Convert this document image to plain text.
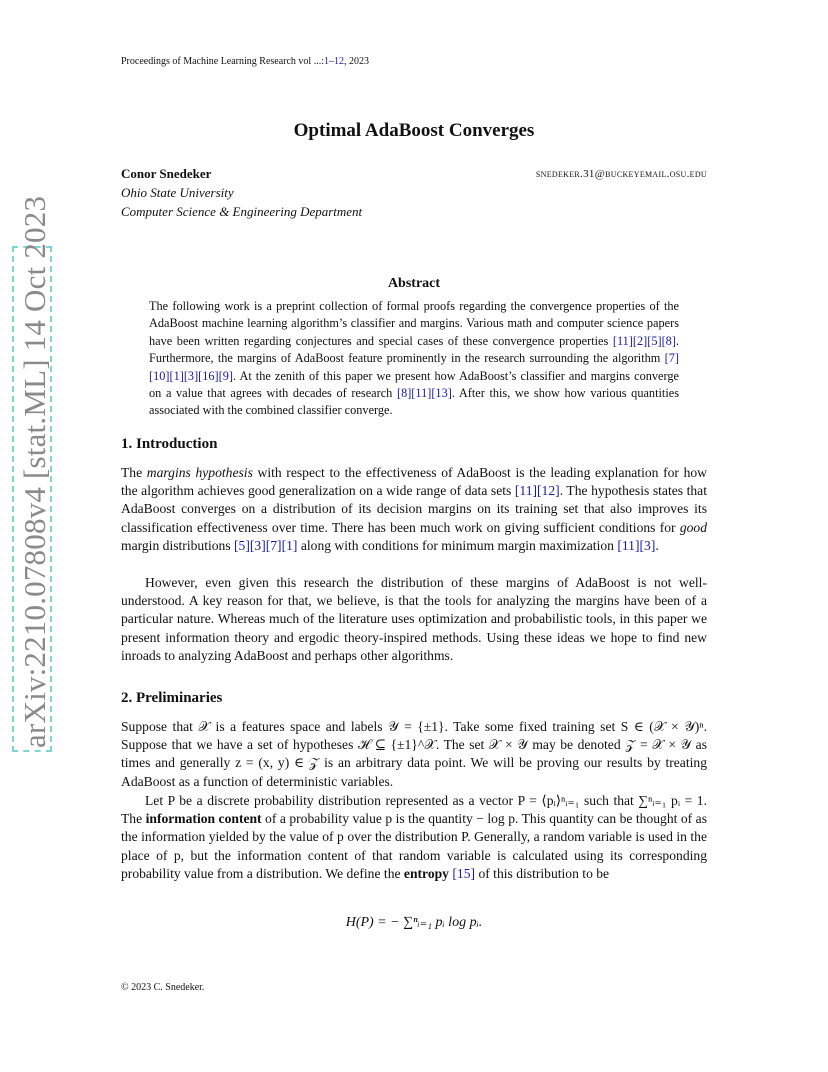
arXiv:2210.07808v4 [stat.ML] 14 Oct 2023
Proceedings of Machine Learning Research vol ...:1–12, 2023
Optimal AdaBoost Converges
Conor Snedeker	snedeker.31@buckeyemail.osu.edu
Ohio State University
Computer Science & Engineering Department
Abstract
The following work is a preprint collection of formal proofs regarding the convergence properties of the AdaBoost machine learning algorithm’s classifier and margins. Various math and computer science papers have been written regarding conjectures and special cases of these convergence properties [11][2][5][8]. Furthermore, the margins of AdaBoost feature prominently in the research surrounding the algorithm [7][10][1][3][16][9]. At the zenith of this paper we present how AdaBoost’s classifier and margins converge on a value that agrees with decades of research [8][11][13]. After this, we show how various quantities associated with the combined classifier converge.
1. Introduction
The margins hypothesis with respect to the effectiveness of AdaBoost is the leading explanation for how the algorithm achieves good generalization on a wide range of data sets [11][12]. The hypothesis states that AdaBoost converges on a distribution of its decision margins on its training set that also improves its classification effectiveness over time. There has been much work on giving sufficient conditions for good margin distributions [5][3][7][1] along with conditions for minimum margin maximization [11][3].
However, even given this research the distribution of these margins of AdaBoost is not well-understood. A key reason for that, we believe, is that the tools for analyzing the margins have been of a particular nature. Whereas much of the literature uses optimization and probabilistic tools, in this paper we present information theory and ergodic theory-inspired methods. Using these ideas we hope to find new inroads to analyzing AdaBoost and perhaps other algorithms.
2. Preliminaries
Suppose that 𝒳 is a features space and labels 𝒴 = {±1}. Take some fixed training set S ∈ (𝒳 × 𝒴)ⁿ. Suppose that we have a set of hypotheses ℋ ⊆ {±1}^𝒳. The set 𝒳 × 𝒴 may be denoted 𝒵 = 𝒳 × 𝒴 as times and generally z = (x, y) ∈ 𝒵 is an arbitrary data point. We will be proving our results by treating AdaBoost as a function of deterministic variables.
Let P be a discrete probability distribution represented as a vector P = ⟨pᵢ⟩ⁿᵢ₌₁ such that ∑ⁿᵢ₌₁ pᵢ = 1. The information content of a probability value p is the quantity − log p. This quantity can be thought of as the information yielded by the value of p over the distribution P. Generally, a random variable is used in the place of p, but the information content of that random variable is calculated using its corresponding probability value from a distribution. We define the entropy [15] of this distribution to be
H(P) = − ∑ⁿᵢ₌₁ pᵢ log pᵢ.
© 2023 C. Snedeker.
